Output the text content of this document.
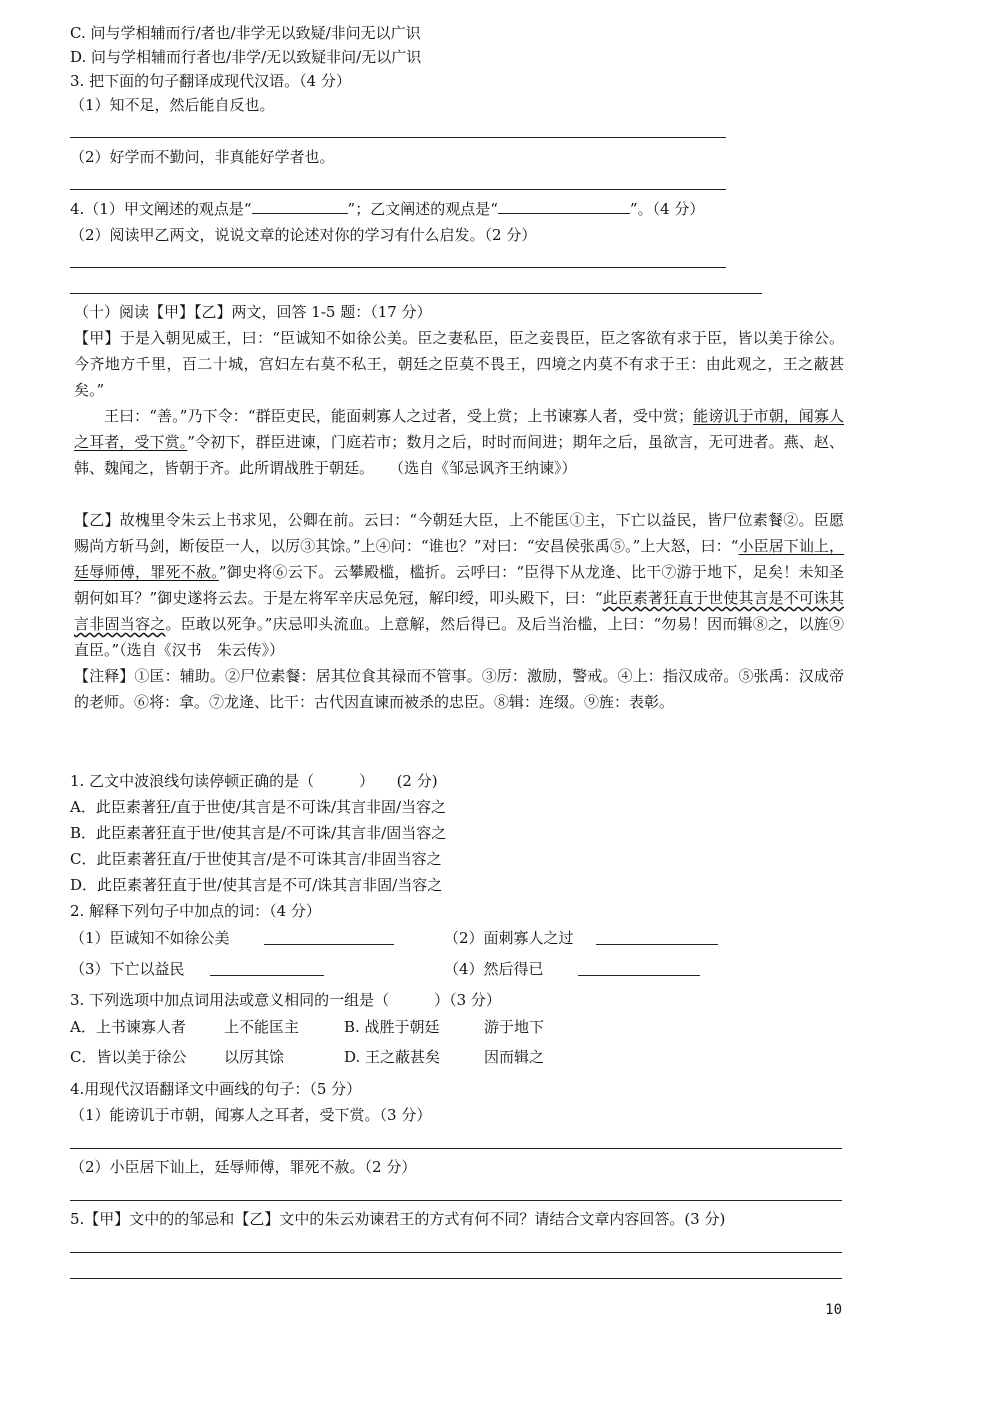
C. 问与学相辅而行/者也/非学无以致疑/非问无以广识
D. 问与学相辅而行者也/非学/无以致疑非问/无以广识
3. 把下面的句子翻译成现代汉语。（4 分）
（1）知不足，然后能自反也。
（2）好学而不勤问，非真能好学者也。
4.（1）甲文阐述的观点是“	”；乙文阐述的观点是“	”。（4 分）
（2）阅读甲乙两文，说说文章的论述对你的学习有什么启发。（2 分）
（十）阅读【甲】【乙】两文，回答 1-5 题：（17 分）

【甲】于是入朝见威王，曰：“臣诚知不如徐公美。臣之妻私臣，臣之妾畏臣，臣之客欲有求于臣，皆以美于徐公。今齐地方千里，百二十城，宫妇左右莫不私王，朝廷之臣莫不畏王，四境之内莫不有求于王：由此观之，王之蔽甚矣。”

王曰：“善。”乃下令：“群臣吏民，能面刺寡人之过者，受上赏；上书谏寡人者，受中赏；能谤讥于市朝，闻寡人之耳者，受下赏。”令初下，群臣进谏，门庭若市；数月之后，时时而间进；期年之后，虽欲言，无可进者。燕、赵、韩、魏闻之，皆朝于齐。此所谓战胜于朝廷。　　（选自《邹忌讽齐王纳谏》）

【乙】故槐里令朱云上书求见，公卿在前。云曰：“今朝廷大臣，上不能匡①主，下亡以益民，皆尸位素餐②。臣愿赐尚方斩马剑，断佞臣一人，以厉③其馀。”上④问：“谁也？”对曰：“安昌侯张禹⑤。”上大怒，曰：“小臣居下讪上，廷辱师傅，罪死不赦。”御史将⑥云下。云攀殿槛，槛折。云呼曰：“臣得下从龙逄、比干⑦游于地下，足矣！未知圣朝何如耳？”御史遂将云去。于是左将军辛庆忌免冠，解印绶，叩头殿下，曰：“此臣素著狂直于世使其言是不可诛其言非固当容之。臣敢以死争。”庆忌叩头流血。上意解，然后得已。及后当治槛，上曰：“勿易！因而辑⑧之，以旌⑨直臣。”（选自《汉书　朱云传》）

【注释】①匡：辅助。②尸位素餐：居其位食其禄而不管事。③厉：激励，警戒。④上：指汉成帝。⑤张禹：汉成帝的老师。⑥将：拿。⑦龙逄、比干：古代因直谏而被杀的忠臣。⑧辑：连缀。⑨旌：表彰。

1. 乙文中波浪线句读停顿正确的是（　　　）　　(2 分)
A．此臣素著狂/直于世使/其言是不可诛/其言非固/当容之
B．此臣素著狂直于世/使其言是/不可诛/其言非/固当容之
C．此臣素著狂直/于世使其言/是不可诛其言/非固当容之
D．此臣素著狂直于世/使其言是不可/诛其言非固/当容之
2. 解释下列句子中加点的词：（4 分）
（1）臣诚知不如徐公美	（2）面刺寡人之过
（3）下亡以益民	（4）然后得已
3. 下列选项中加点词用法或意义相同的一组是（　　　）（3 分）
A．上书谏寡人者	上不能匡主	B. 战胜于朝廷	游于地下
C．皆以美于徐公	以厉其馀	D. 王之蔽甚矣	因而辑之
4.用现代汉语翻译文中画线的句子：（5 分）
（1）能谤讥于市朝，闻寡人之耳者，受下赏。（3 分）
（2）小臣居下讪上，廷辱师傅，罪死不赦。（2 分）
5.【甲】文中的的邹忌和【乙】文中的朱云劝谏君王的方式有何不同？请结合文章内容回答。(3 分)
10
